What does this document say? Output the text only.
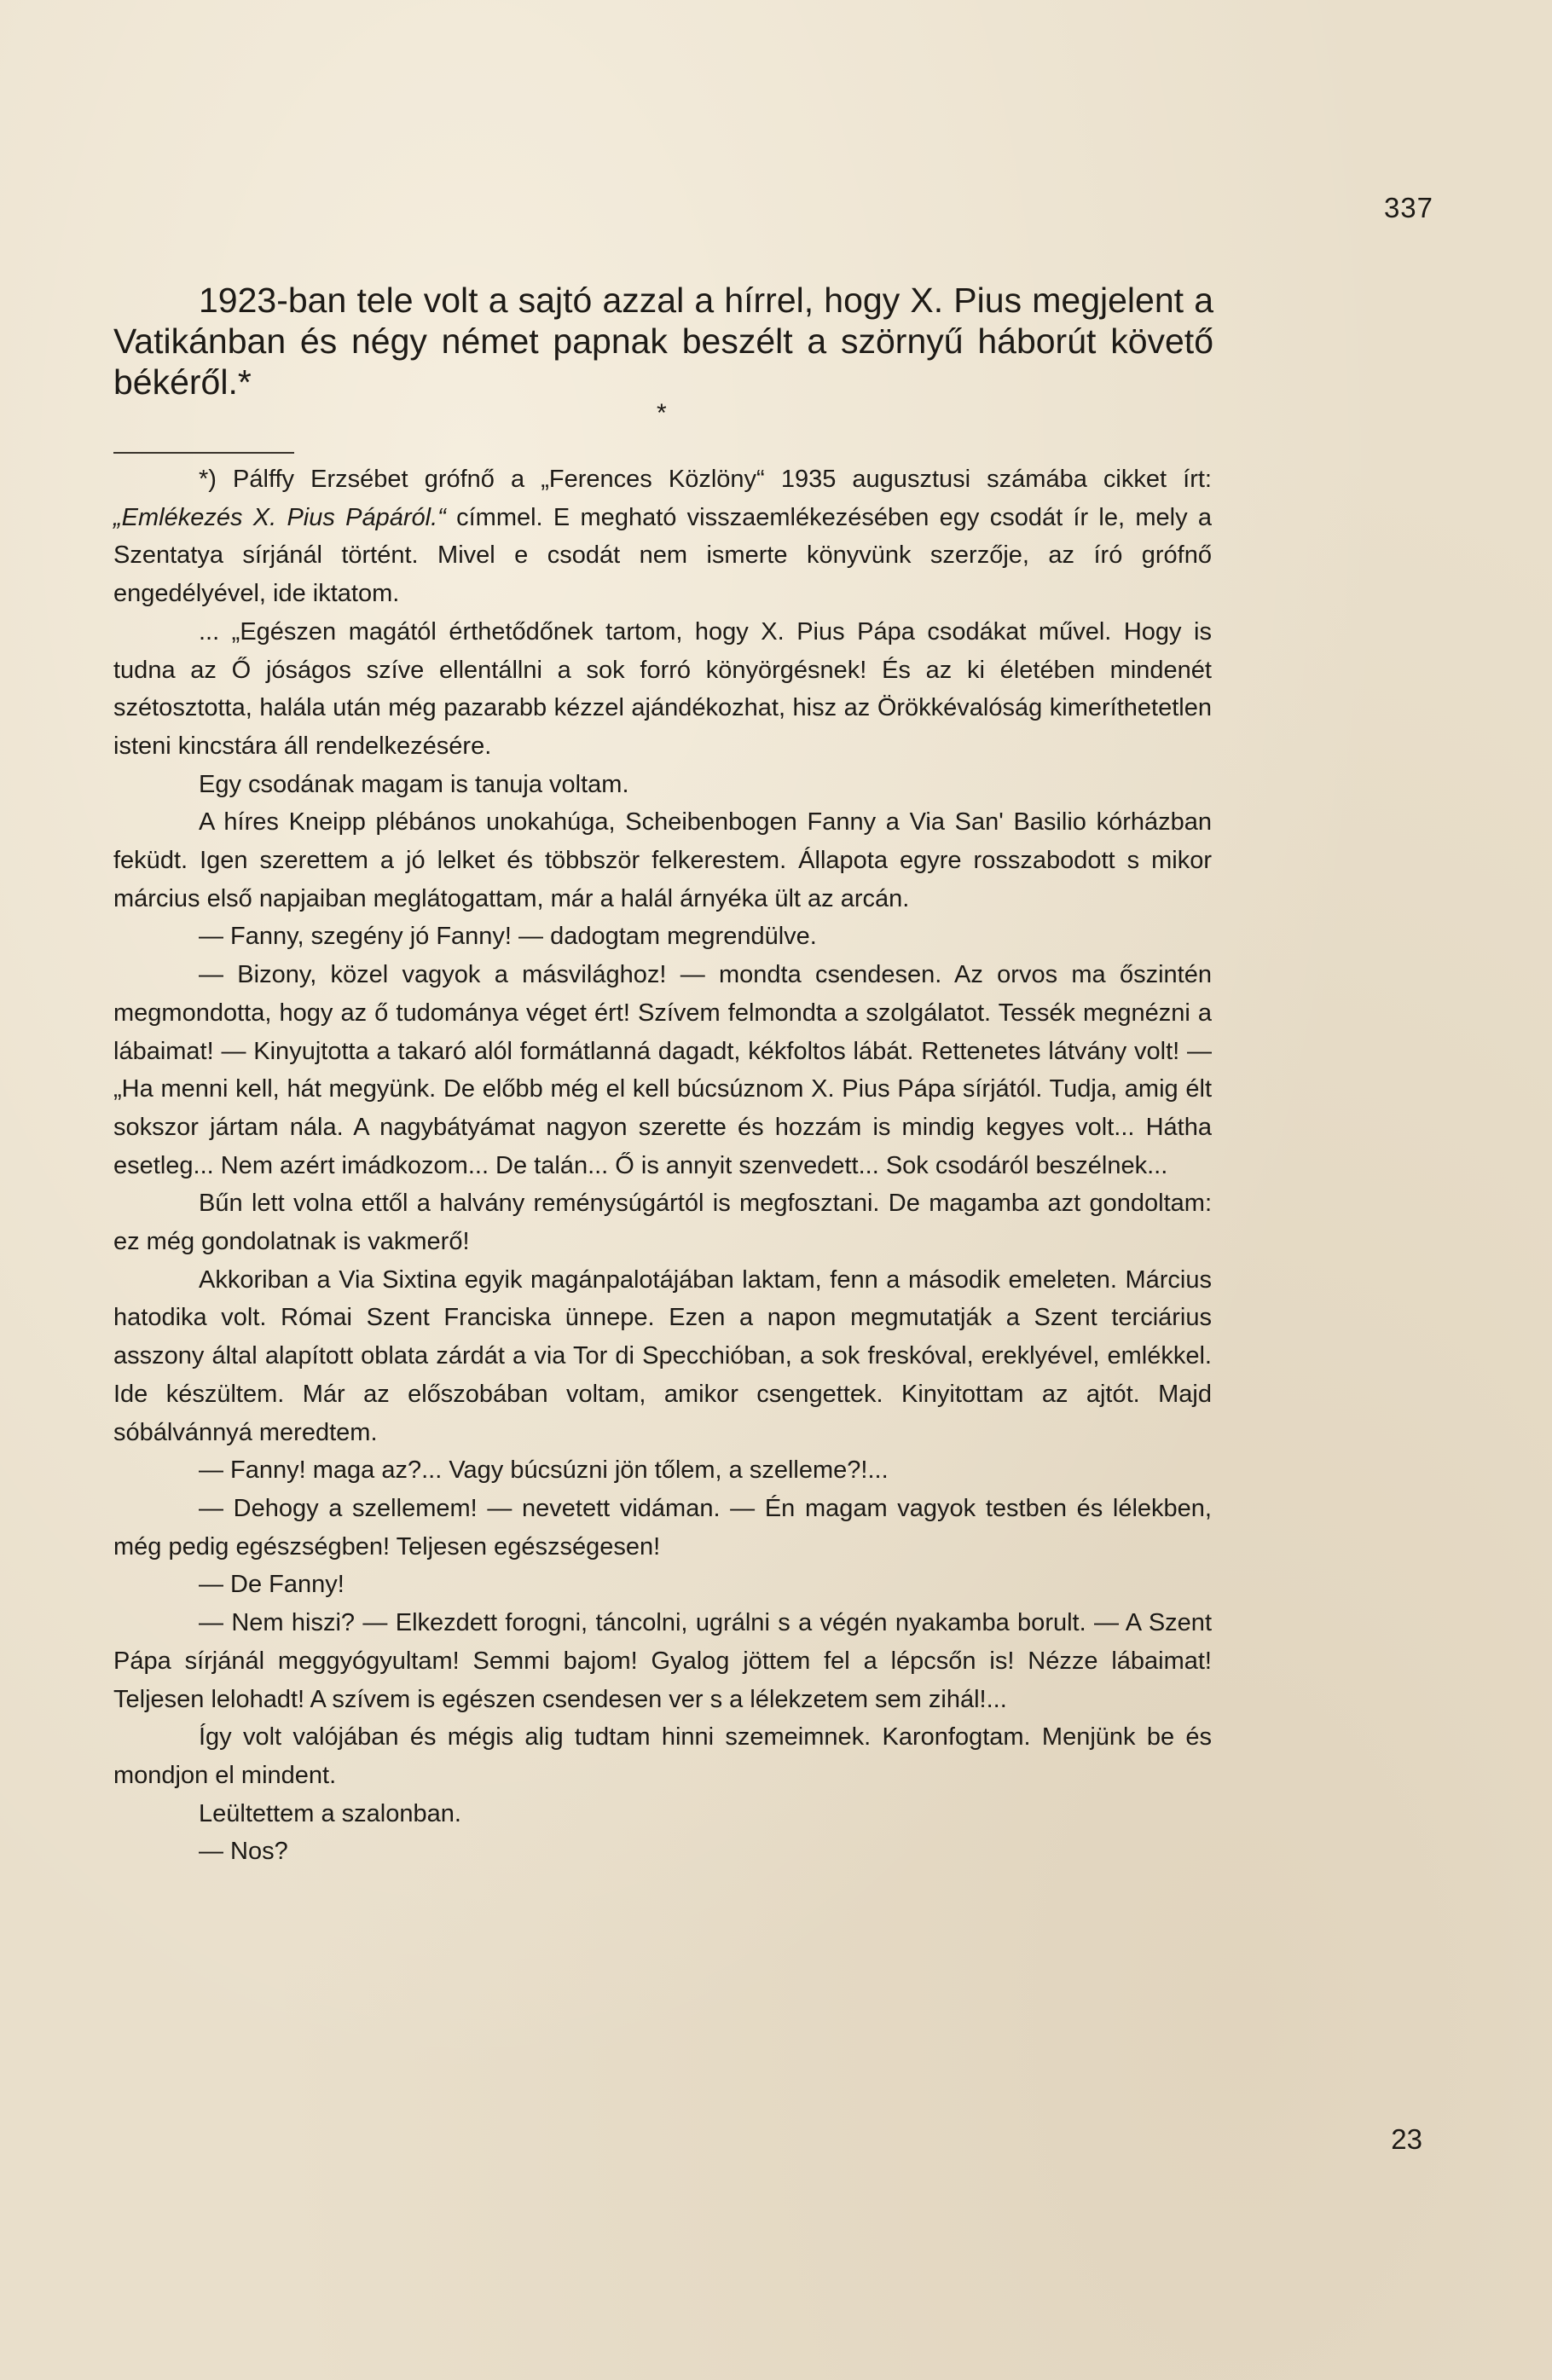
337

1923-ban tele volt a sajtó azzal a hírrel, hogy X. Pius megjelent a Vatikánban és négy német papnak beszélt a szörnyű háborút követő békéről.*

*

*) Pálffy Erzsébet grófnő a „Ferences Közlöny“ 1935 augusztusi számába cikket írt: „Emlékezés X. Pius Pápáról.“ címmel. E megható visszaemlékezésében egy csodát ír le, mely a Szentatya sírjánál történt. Mivel e csodát nem ismerte könyvünk szerzője, az író grófnő engedélyével, ide iktatom.

... „Egészen magától érthetődőnek tartom, hogy X. Pius Pápa csodákat művel. Hogy is tudna az Ő jóságos szíve ellentállni a sok forró könyörgésnek! És az ki életében mindenét szétosztotta, halála után még pazarabb kézzel ajándékozhat, hisz az Örökkévalóság kimeríthetetlen isteni kincstára áll rendelkezésére.

Egy csodának magam is tanuja voltam.

A híres Kneipp plébános unokahúga, Scheibenbogen Fanny a Via San' Basilio kórházban feküdt. Igen szerettem a jó lelket és többször felkerestem. Állapota egyre rosszabodott s mikor március első napjaiban meglátogattam, már a halál árnyéka ült az arcán.

— Fanny, szegény jó Fanny! — dadogtam megrendülve.

— Bizony, közel vagyok a másvilághoz! — mondta csendesen. Az orvos ma őszintén megmondotta, hogy az ő tudománya véget ért! Szívem felmondta a szolgálatot. Tessék megnézni a lábaimat! — Kinyujtotta a takaró alól formátlanná dagadt, kékfoltos lábát. Rettenetes látvány volt! — „Ha menni kell, hát megyünk. De előbb még el kell búcsúznom X. Pius Pápa sírjától. Tudja, amig élt sokszor jártam nála. A nagybátyámat nagyon szerette és hozzám is mindig kegyes volt... Hátha esetleg... Nem azért imádkozom... De talán... Ő is annyit szenvedett... Sok csodáról beszélnek...

Bűn lett volna ettől a halvány reménysúgártól is megfosztani. De magamba azt gondoltam: ez még gondolatnak is vakmerő!

Akkoriban a Via Sixtina egyik magánpalotájában laktam, fenn a második emeleten. Március hatodika volt. Római Szent Franciska ünnepe. Ezen a napon megmutatják a Szent terciárius asszony által alapított oblata zárdát a via Tor di Specchióban, a sok freskóval, ereklyével, emlékkel. Ide készültem. Már az előszobában voltam, amikor csengettek. Kinyitottam az ajtót. Majd sóbálvánnyá meredtem.

— Fanny! maga az?... Vagy búcsúzni jön tőlem, a szelleme?!...

— Dehogy a szellemem! — nevetett vidáman. — Én magam vagyok testben és lélekben, még pedig egészségben! Teljesen egészségesen!

— De Fanny!

— Nem hiszi? — Elkezdett forogni, táncolni, ugrálni s a végén nyakamba borult. — A Szent Pápa sírjánál meggyógyultam! Semmi bajom! Gyalog jöttem fel a lépcsőn is! Nézze lábaimat! Teljesen lelohadt! A szívem is egészen csendesen ver s a lélekzetem sem zihál!...

Így volt valójában és mégis alig tudtam hinni szemeimnek. Karonfogtam. Menjünk be és mondjon el mindent.

Leültettem a szalonban.

— Nos?

23
